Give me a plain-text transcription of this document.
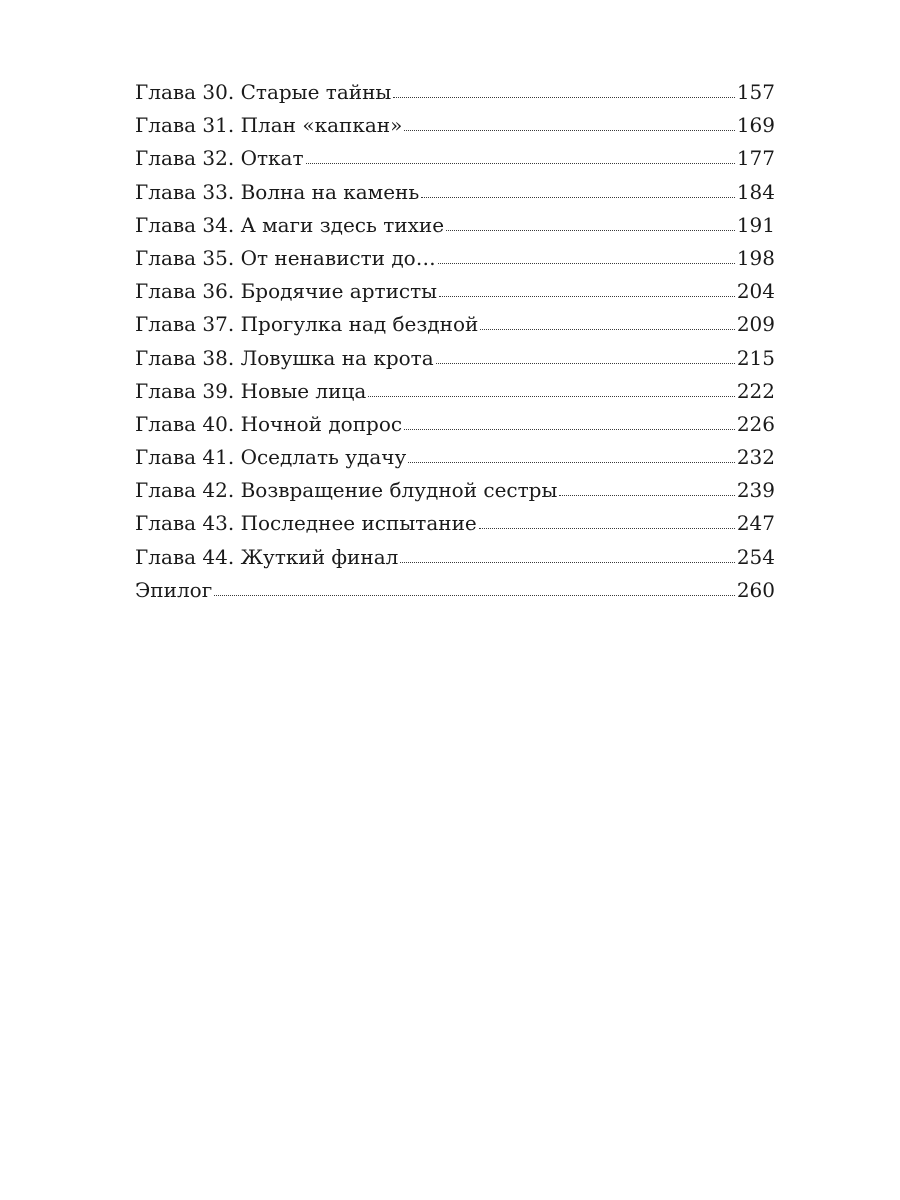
Глава 30. Старые тайны	157
Глава 31. План «капкан»	169
Глава 32. Откат	177
Глава 33. Волна на камень	184
Глава 34. А маги здесь тихие	191
Глава 35. От ненависти до…	198
Глава 36. Бродячие артисты	204
Глава 37. Прогулка над бездной	209
Глава 38. Ловушка на крота	215
Глава 39. Новые лица	222
Глава 40. Ночной допрос	226
Глава 41. Оседлать удачу	232
Глава 42. Возвращение блудной сестры	239
Глава 43. Последнее испытание	247
Глава 44. Жуткий финал	254
Эпилог	260
